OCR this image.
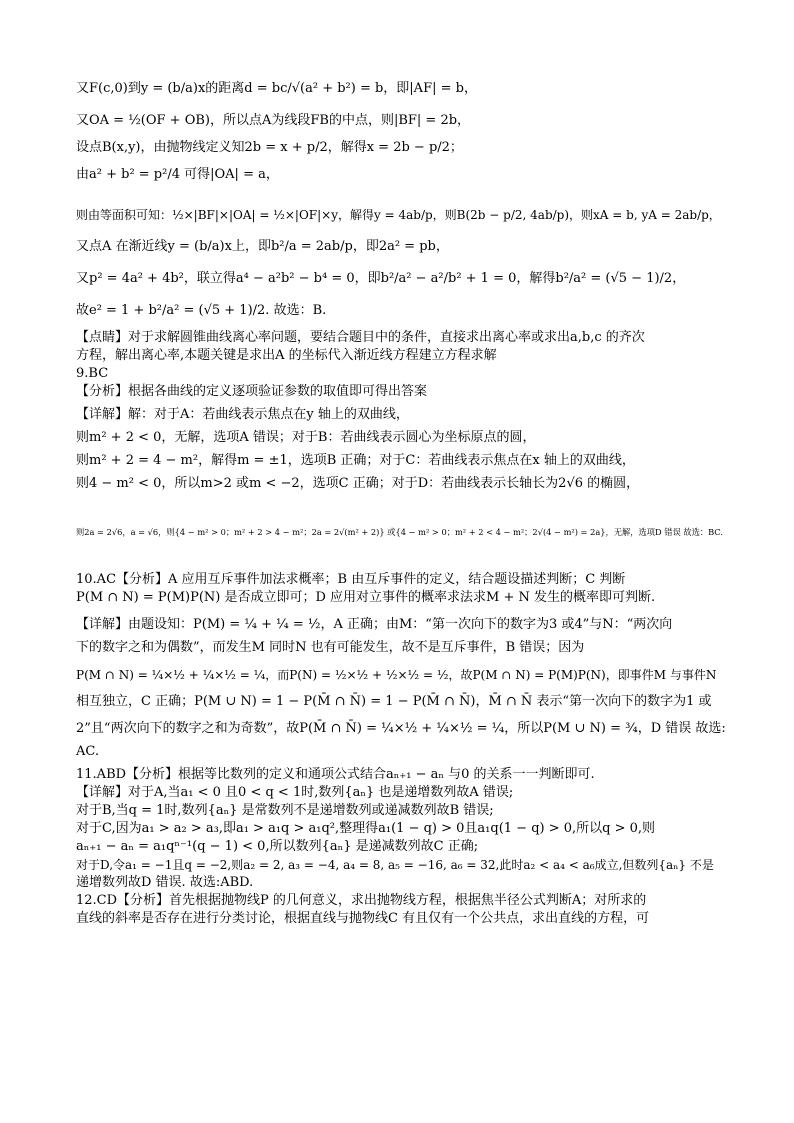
又F(c,0)到y = (b/a)x的距离d = bc/√(a² + b²) = b，即|AF| = b，

又OA = ½(OF + OB)，所以点A为线段FB的中点，则|BF| = 2b，

设点B(x,y)，由抛物线定义知2b = x + p/2，解得x = 2b − p/2；

由a² + b² = p²/4 可得|OA| = a，

则由等面积可知：½×|BF|×|OA| = ½×|OF|×y，解得y = 4ab/p，则B(2b − p/2, 4ab/p)，则xA = b, yA = 2ab/p，

又点A 在渐近线y = (b/a)x上，即b²/a = 2ab/p，即2a² = pb，

又p² = 4a² + 4b²，联立得a⁴ − a²b² − b⁴ = 0，即b²/a² − a²/b² + 1 = 0，解得b²/a² = (√5 − 1)/2，

故e² = 1 + b²/a² = (√5 + 1)/2. 故选：B.

【点睛】对于求解圆锥曲线离心率问题，要结合题目中的条件，直接求出离心率或求出a,b,c 的齐次

方程，解出离心率,本题关键是求出A 的坐标代入渐近线方程建立方程求解

9.BC

【分析】根据各曲线的定义逐项验证参数的取值即可得出答案

【详解】解：对于A：若曲线表示焦点在y 轴上的双曲线，

则m² + 2 < 0，无解，选项A 错误；对于B：若曲线表示圆心为坐标原点的圆，

则m² + 2 = 4 − m²，解得m = ±1，选项B 正确；对于C：若曲线表示焦点在x 轴上的双曲线，

则4 − m² < 0，所以m>2 或m < −2，选项C 正确；对于D：若曲线表示长轴长为2√6 的椭圆，

则2a = 2√6，a = √6，则{4 − m² > 0；m² + 2 > 4 − m²；2a = 2√(m² + 2)} 或{4 − m² > 0；m² + 2 < 4 − m²；2√(4 − m²) = 2a}，无解，选项D 错误 故选：BC.

10.AC【分析】A 应用互斥事件加法求概率；B 由互斥事件的定义，结合题设描述判断；C 判断

P(M ∩ N) = P(M)P(N) 是否成立即可；D 应用对立事件的概率求法求M + N 发生的概率即可判断.

【详解】由题设知：P(M) = ¼ + ¼ = ½，A 正确；由M：“第一次向下的数字为3 或4”与N：“两次向

下的数字之和为偶数”，而发生M 同时N 也有可能发生，故不是互斥事件，B 错误；因为

P(M ∩ N) = ¼×½ + ¼×½ = ¼，而P(N) = ½×½ + ½×½ = ½，故P(M ∩ N) = P(M)P(N)，即事件M 与事件N

相互独立，C 正确；P(M ∪ N) = 1 − P(M̄ ∩ N̄) = 1 − P(M̄ ∩ N̄)，M̄ ∩ N̄ 表示“第一次向下的数字为1 或

2”且“两次向下的数字之和为奇数”，故P(M̄ ∩ N̄) = ¼×½ + ¼×½ = ¼，所以P(M ∪ N) = ¾，D 错误 故选:

AC.

11.ABD【分析】根据等比数列的定义和通项公式结合aₙ₊₁ − aₙ 与0 的关系一一判断即可.

【详解】对于A,当a₁ < 0 且0 < q < 1时,数列{aₙ} 也是递增数列故A 错误;

对于B,当q = 1时,数列{aₙ} 是常数列不是递增数列或递减数列故B 错误;

对于C,因为a₁ > a₂ > a₃,即a₁ > a₁q > a₁q²,整理得a₁(1 − q) > 0且a₁q(1 − q) > 0,所以q > 0,则

aₙ₊₁ − aₙ = a₁qⁿ⁻¹(q − 1) < 0,所以数列{aₙ} 是递减数列故C 正确;

对于D,令a₁ = −1且q = −2,则a₂ = 2, a₃ = −4, a₄ = 8, a₅ = −16, a₆ = 32,此时a₂ < a₄ < a₆成立,但数列{aₙ} 不是

递增数列故D 错误. 故选:ABD.

12.CD【分析】首先根据抛物线P 的几何意义，求出抛物线方程，根据焦半径公式判断A；对所求的

直线的斜率是否存在进行分类讨论，根据直线与抛物线C 有且仅有一个公共点，求出直线的方程，可
